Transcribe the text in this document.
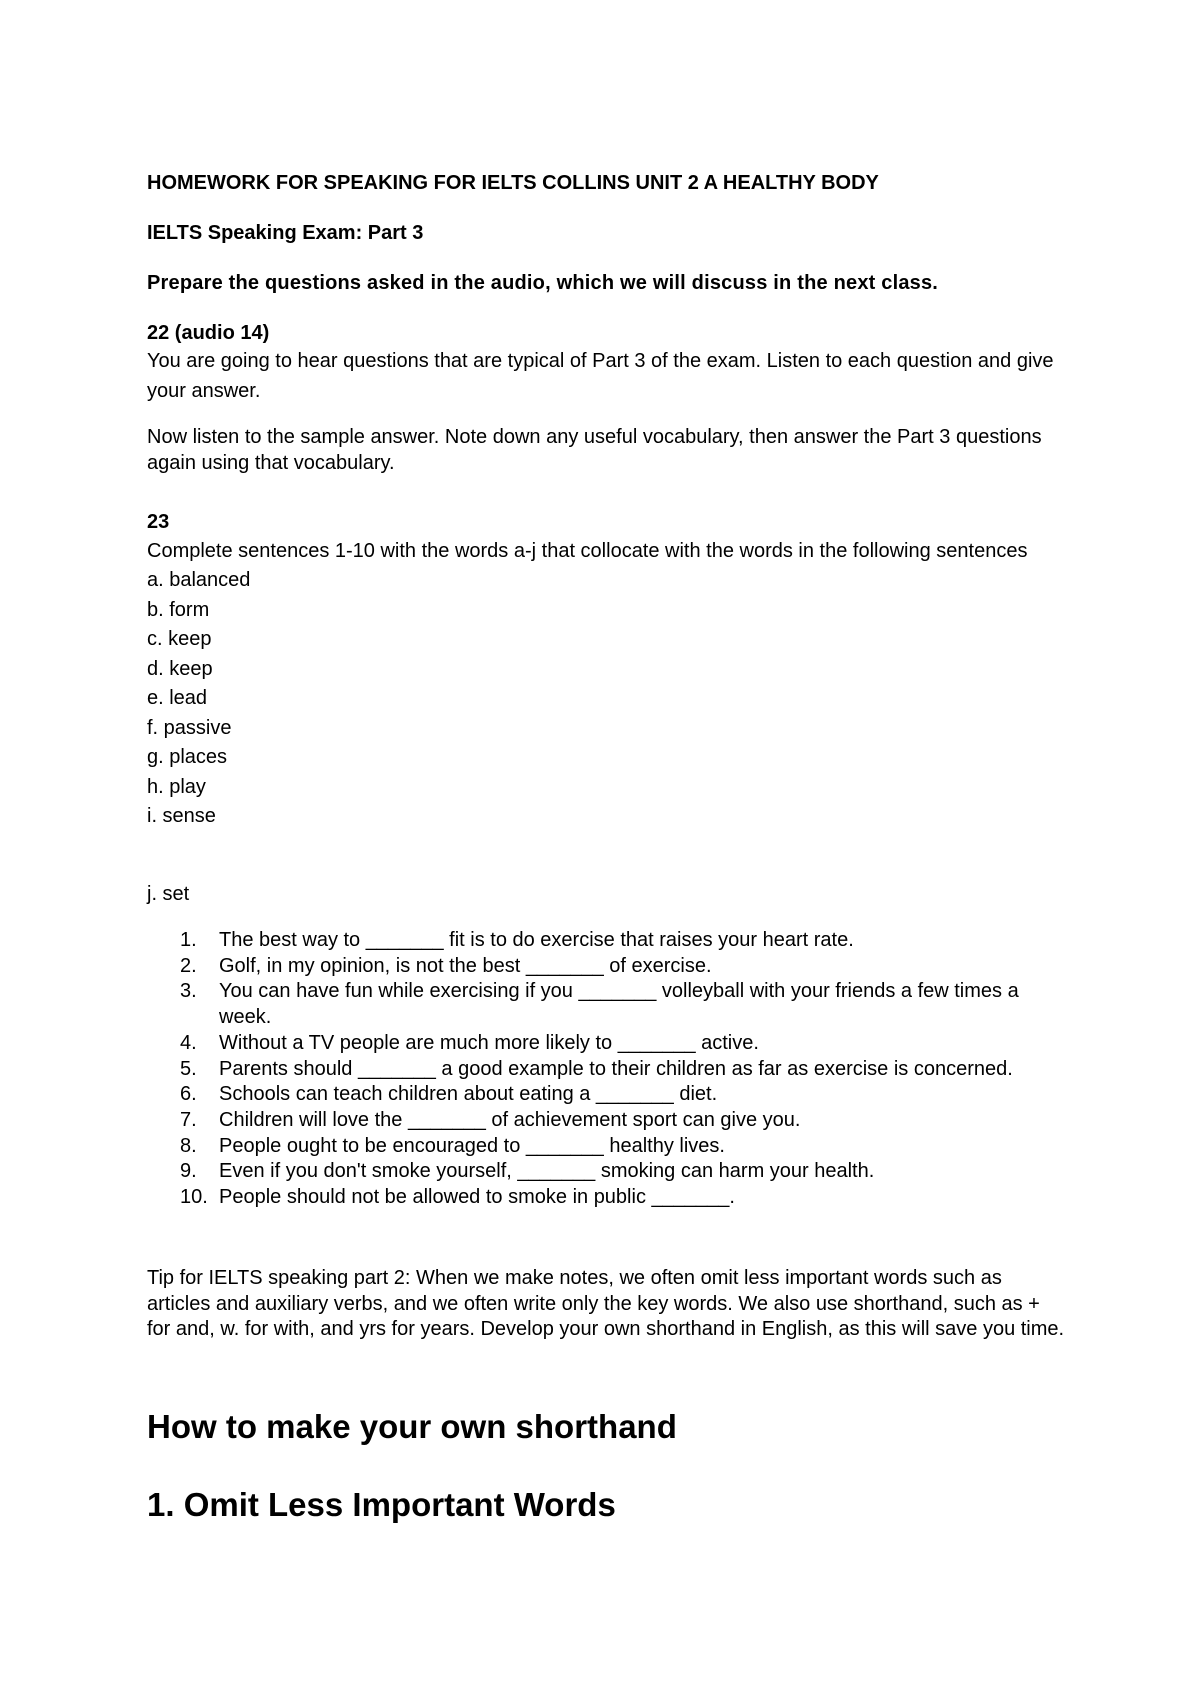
HOMEWORK FOR SPEAKING FOR IELTS COLLINS UNIT 2 A HEALTHY BODY
IELTS Speaking Exam: Part 3
Prepare the questions asked in the audio, which we will discuss in the next class.
22 (audio 14)

You are going to hear questions that are typical of Part 3 of the exam. Listen to each question and give your answer.

Now listen to the sample answer. Note down any useful vocabulary, then answer the Part 3 questions again using that vocabulary.

23

Complete sentences 1-10 with the words a-j that collocate with the words in the following sentences

a. balanced
b. form
c. keep
d. keep
e. lead
f. passive
g. places
h. play
i. sense
j. set
1.	The best way to _______ fit is to do exercise that raises your heart rate.
2.	Golf, in my opinion, is not the best _______ of exercise.
3.	You can have fun while exercising if you _______ volleyball with your friends a few times a week.
4.	Without a TV people are much more likely to _______ active.
5.	Parents should _______ a good example to their children as far as exercise is concerned.
6.	Schools can teach children about eating a _______ diet.
7.	Children will love the _______ of achievement sport can give you.
8.	People ought to be encouraged to _______ healthy lives.
9.	Even if you don't smoke yourself, _______ smoking can harm your health.
10. People should not be allowed to smoke in public _______.

Tip for IELTS speaking part 2: When we make notes, we often omit less important words such as articles and auxiliary verbs, and we often write only the key words. We also use shorthand, such as + for and, w. for with, and yrs for years. Develop your own shorthand in English, as this will save you time.

How to make your own shorthand
1. Omit Less Important Words
